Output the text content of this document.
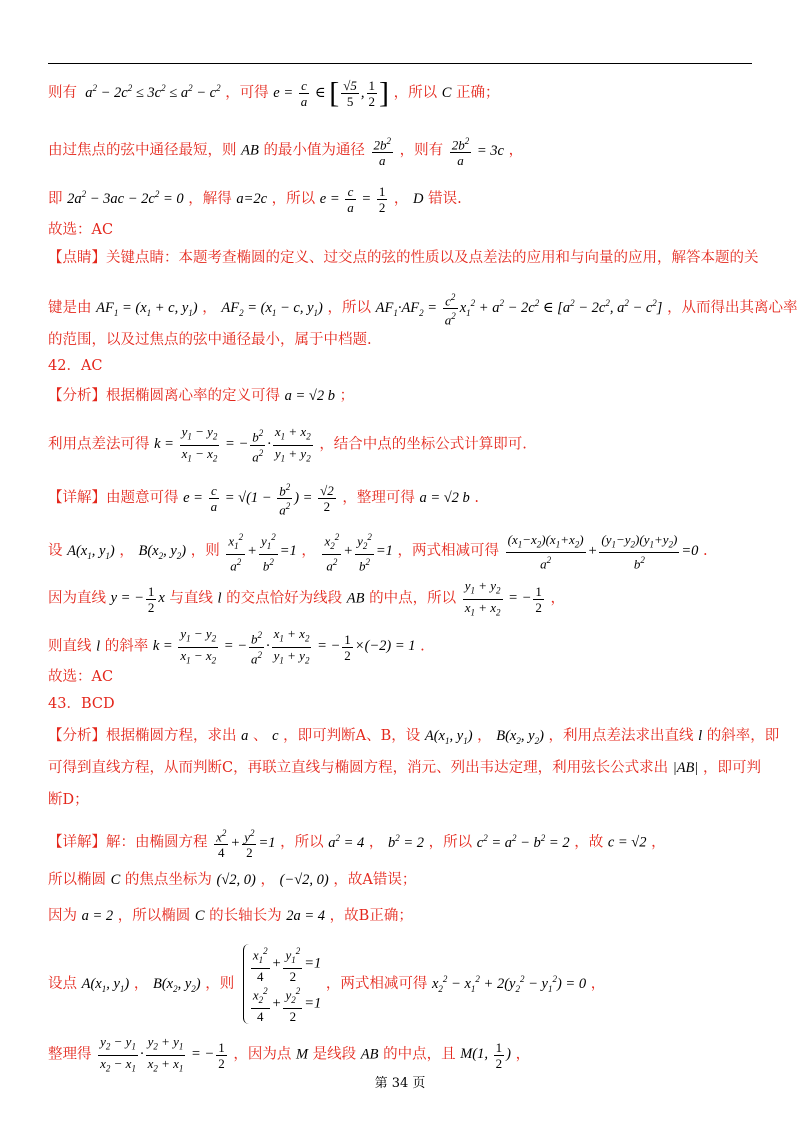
则有  $a^2 - 2c^2 \le 3c^2 \le a^2 - c^2$ ，可得 $e = \frac{c}{a}$ ∈ [ $\frac{√5}{5}$ , $\frac{1}{2}$ ] ，所以 C 正确；
由过焦点的弦中通径最短，则 AB 的最小值为通径 $\frac{2b^2}{a}$ ，则有 $\frac{2b^2}{a} = 3c$ ，
即 $2a^2 - 3ac - 2c^2 = 0$ ，解得 a=2c ，所以 $e = \frac{c}{a} = \frac{1}{2}$ ， D 错误.
故选：AC
【点睛】关键点睛：本题考查椭圆的定义、过交点的弦的性质以及点差法的应用和与向量的应用，解答本题的关
键是由 $AF_1 = (x_1 + c$, $y_1$) ， $AF_2 = (x_1 - c$, $y_1$) ，所以 $AF_1\cdot AF_2 = \frac{c^2}{a^2} x_1^2 + a^2 - 2c^2$ ∈ [$a^2 - 2c^2$, $a^2 - c^2$] ，从而得出其离心率
的范围，以及过焦点的弦中通径最小，属于中档题.
42．AC
【分析】根据椭圆离心率的定义可得 a = √2 b ；
利用点差法可得 $k = \frac{y_1 - y_2}{x_1 - x_2}$ = − $\frac{b^2}{a^2} \cdot \frac{x_1 + x_2}{y_1 + y_2}$ ，结合中点的坐标公式计算即可.
【详解】由题意可得 $e = \frac{c}{a} = √(1 - \frac{b^2}{a^2}$ ) = $\frac{√2}{2}$ ，整理可得 a = √2 b .
设 $A(x_1$, $y_1$) ， $B(x_2$, $y_2$) ，则 $\frac{x_1^2}{a^2} + \frac{y_1^2}{b^2} =1$ ， $\frac{x_2^2}{a^2} + \frac{y_2^2}{b^2} =1$ ，两式相减可得 $\frac{(x_1-x_2)(x_1+x_2)}{a^2} + \frac{(y_1-y_2)(y_1+y_2)}{b^2} =0$ .
因为直线 y = − $\frac{1}{2}$ x 与直线 l 的交点恰好为线段 AB 的中点，所以 $\frac{y_1 + y_2}{x_1 + x_2}$ = − $\frac{1}{2}$ ，
则直线 l 的斜率 $k = \frac{y_1 - y_2}{x_1 - x_2}$ = − $\frac{b^2}{a^2} \cdot \frac{x_1 + x_2}{y_1 + y_2}$ = − $\frac{1}{2} \times(-2) = 1$ .
故选：AC
43．BCD
【分析】根据椭圆方程，求出 a 、 c ，即可判断A、B，设 $A(x_1$, $y_1$) ， $B(x_2$, $y_2$) ，利用点差法求出直线 l 的斜率，即
可得到直线方程，从而判断C，再联立直线与椭圆方程，消元、列出韦达定理，利用弦长公式求出 |AB| ，即可判
断D；
【详解】解：由椭圆方程 $\frac{x^2}{4} + \frac{y^2}{2} =1$ ，所以 $a^2 = 4$ ， $b^2 = 2$ ，所以 $c^2 = a^2 - b^2 = 2$ ，故 c = √2 ，
所以椭圆 C 的焦点坐标为 (√2, 0) ， (−√2, 0) ，故A错误；
因为 a = 2 ，所以椭圆 C 的长轴长为 2a = 4 ，故B正确；
设点 $A(x_1$, $y_1$) ， $B(x_2$, $y_2$) ，则 $\frac{x_1^2}{4} + \frac{y_1^2}{2} =1$
$\frac{x_2^2}{4} + \frac{y_2^2}{2} =1$
，两式相减可得 $x_2^2 - x_1^2 + 2(y_2^2 - y_1^2) = 0$ ，
整理得 $\frac{y_2 - y_1}{x_2 - x_1} \cdot \frac{y_2 + y_1}{x_2 + x_1}$ = − $\frac{1}{2}$ ，因为点 M 是线段 AB 的中点，且 M(1, $\frac{1}{2}$ ) ，
第 34 页
